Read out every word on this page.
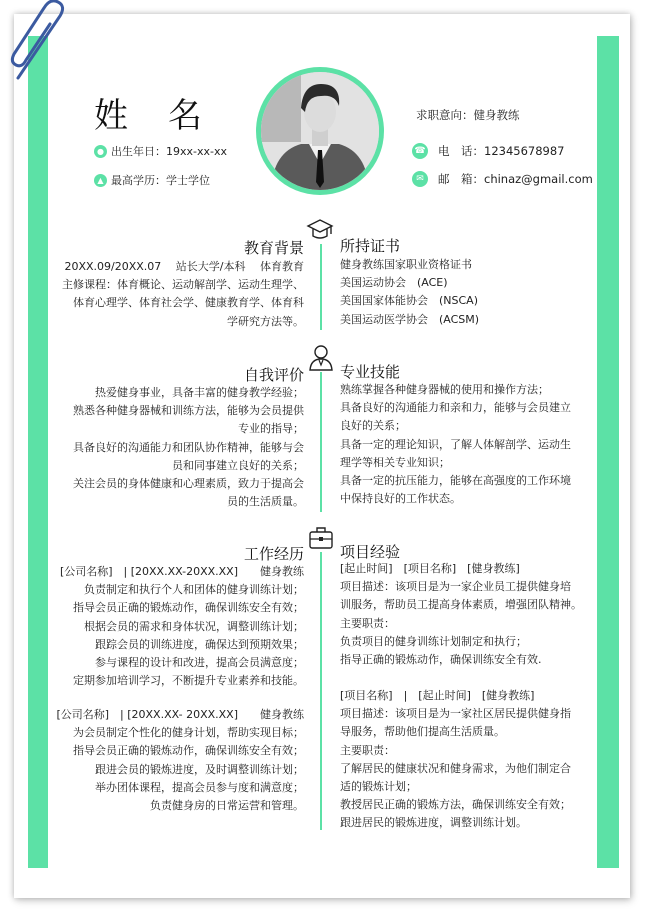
姓名
● 出生年日：19xx-xx-xx
▲ 最高学历：学士学位
求职意向：健身教练
☎ 电　话：12345678987
✉	邮　箱：chinaz@gmail.com
教育背景
20XX.09/20XX.07　 站长大学/本科　 体育教育
主修课程：体育概论、运动解剖学、运动生理学、
体育心理学、体育社会学、健康教育学、体育科
学研究方法等。
所持证书
健身教练国家职业资格证书
美国运动协会　(ACE)
美国国家体能协会　(NSCA)
美国运动医学协会　(ACSM)
自我评价
热爱健身事业，具备丰富的健身教学经验；
熟悉各种健身器械和训练方法，能够为会员提供
专业的指导；
具备良好的沟通能力和团队协作精神，能够与会
员和同事建立良好的关系；
关注会员的身体健康和心理素质，致力于提高会
员的生活质量。
专业技能
熟练掌握各种健身器械的使用和操作方法；
具备良好的沟通能力和亲和力，能够与会员建立
良好的关系；
具备一定的理论知识，了解人体解剖学、运动生
理学等相关专业知识；
具备一定的抗压能力，能够在高强度的工作环境
中保持良好的工作状态。
工作经历
[公司名称]　| [20XX.XX-20XX.XX]　　健身教练
负责制定和执行个人和团体的健身训练计划；
指导会员正确的锻炼动作，确保训练安全有效；
根据会员的需求和身体状况，调整训练计划；
跟踪会员的训练进度，确保达到预期效果；
参与课程的设计和改进，提高会员满意度；
定期参加培训学习，不断提升专业素养和技能。
[公司名称]　| [20XX.XX- 20XX.XX]　　健身教练
为会员制定个性化的健身计划，帮助实现目标；
指导会员正确的锻炼动作，确保训练安全有效；
跟进会员的锻炼进度，及时调整训练计划；
举办团体课程，提高会员参与度和满意度；
负责健身房的日常运营和管理。
项目经验
[起止时间]　[项目名称]　[健身教练]
项目描述：该项目是为一家企业员工提供健身培
训服务，帮助员工提高身体素质，增强团队精神。
主要职责：
负责项目的健身训练计划制定和执行；
指导正确的锻炼动作，确保训练安全有效.
[项目名称]　|　[起止时间]　[健身教练]
项目描述：该项目是为一家社区居民提供健身指
导服务，帮助他们提高生活质量。
主要职责：
了解居民的健康状况和健身需求，为他们制定合
适的锻炼计划；
教授居民正确的锻炼方法，确保训练安全有效；
跟进居民的锻炼进度，调整训练计划。
